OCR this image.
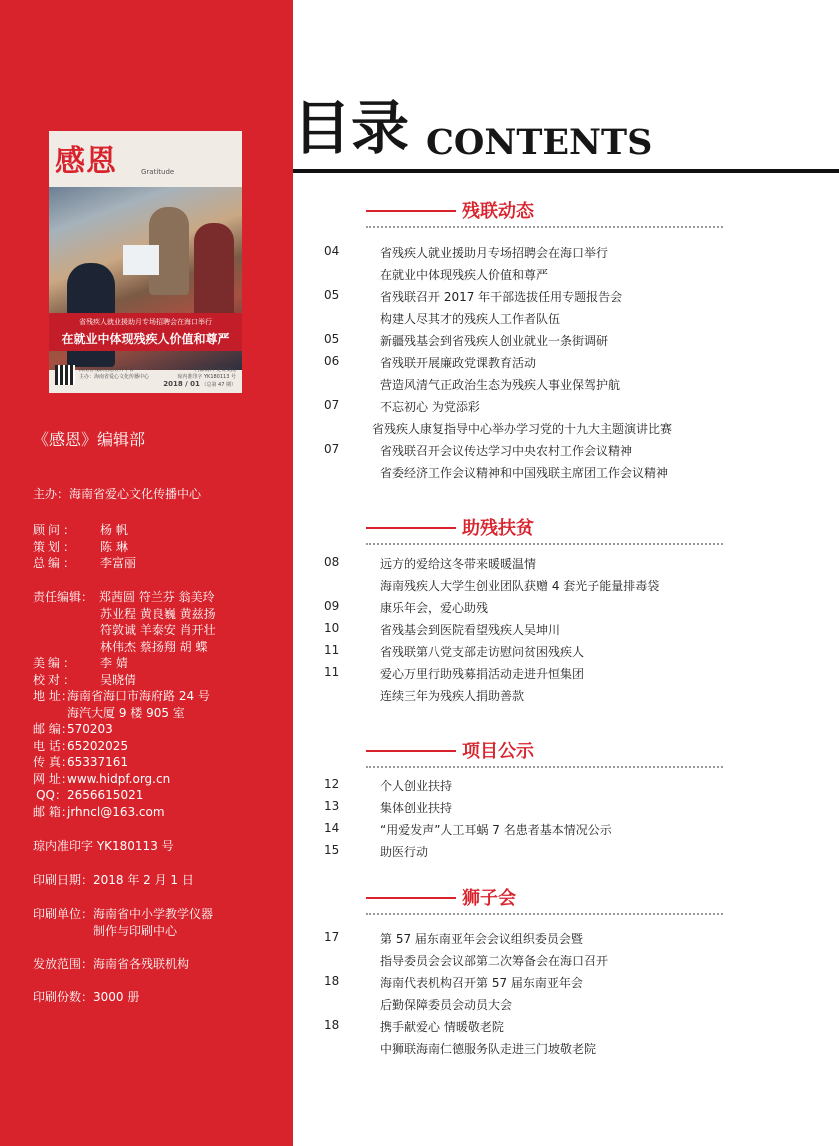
感恩	Gratitude
省残疾人就业援助月专场招聘会在海口举行
在就业中体现残疾人价值和尊严
海南省残联信息公开平台
主办：海南省爱心文化传播中心
内部资料 免费交流
琼内准印字 YK180113 号
2018 / 01 （总第 47 期）
《感恩》编辑部
主办：海南省爱心文化传播中心
顾问： 杨 帆
策划： 陈 琳
总编： 李富丽
责任编辑： 郑茜圆 符兰芬 翁美玲
苏业程 黄良巍 黄兹扬
符敦诚 羊泰安 肖开壮
林伟杰 蔡扬翔 胡 蝶
美编： 李 婧
校对： 吴晓倩
地 址：海南省海口市海府路 24 号
海汽大厦 9 楼 905 室
邮 编：570203
电 话：65202025
传 真：65337161
网 址：www.hidpf.org.cn
QQ：2656615021
邮 箱：jrhncl@163.com
琼内准印字 YK180113 号
印刷日期：2018 年 2 月 1 日
印刷单位：海南省中小学教学仪器
制作与印刷中心
发放范围：海南省各残联机构
印刷份数：3000 册
目录 CONTENTS
残联动态
04	省残疾人就业援助月专场招聘会在海口举行
在就业中体现残疾人价值和尊严
05	省残联召开 2017 年干部选拔任用专题报告会
构建人尽其才的残疾人工作者队伍
05	新疆残基会到省残疾人创业就业一条街调研
06	省残联开展廉政党课教育活动
营造风清气正政治生态为残疾人事业保驾护航
07	不忘初心 为党添彩
省残疾人康复指导中心举办学习党的十九大主题演讲比赛
07	省残联召开会议传达学习中央农村工作会议精神
省委经济工作会议精神和中国残联主席团工作会议精神
助残扶贫
08	远方的爱给这冬带来暖暖温情
海南残疾人大学生创业团队获赠 4 套光子能量排毒袋
09	康乐年会，爱心助残
10	省残基会到医院看望残疾人吴坤川
11	省残联第八党支部走访慰问贫困残疾人
11	爱心万里行助残募捐活动走进升恒集团
连续三年为残疾人捐助善款
项目公示
12	个人创业扶持
13	集体创业扶持
14	“用爱发声”人工耳蜗 7 名患者基本情况公示
15	助医行动
狮子会
17	第 57 届东南亚年会会议组织委员会暨
指导委员会会议部第二次筹备会在海口召开
18	海南代表机构召开第 57 届东南亚年会
后勤保障委员会动员大会
18	携手献爱心 情暖敬老院
中狮联海南仁德服务队走进三门坡敬老院
